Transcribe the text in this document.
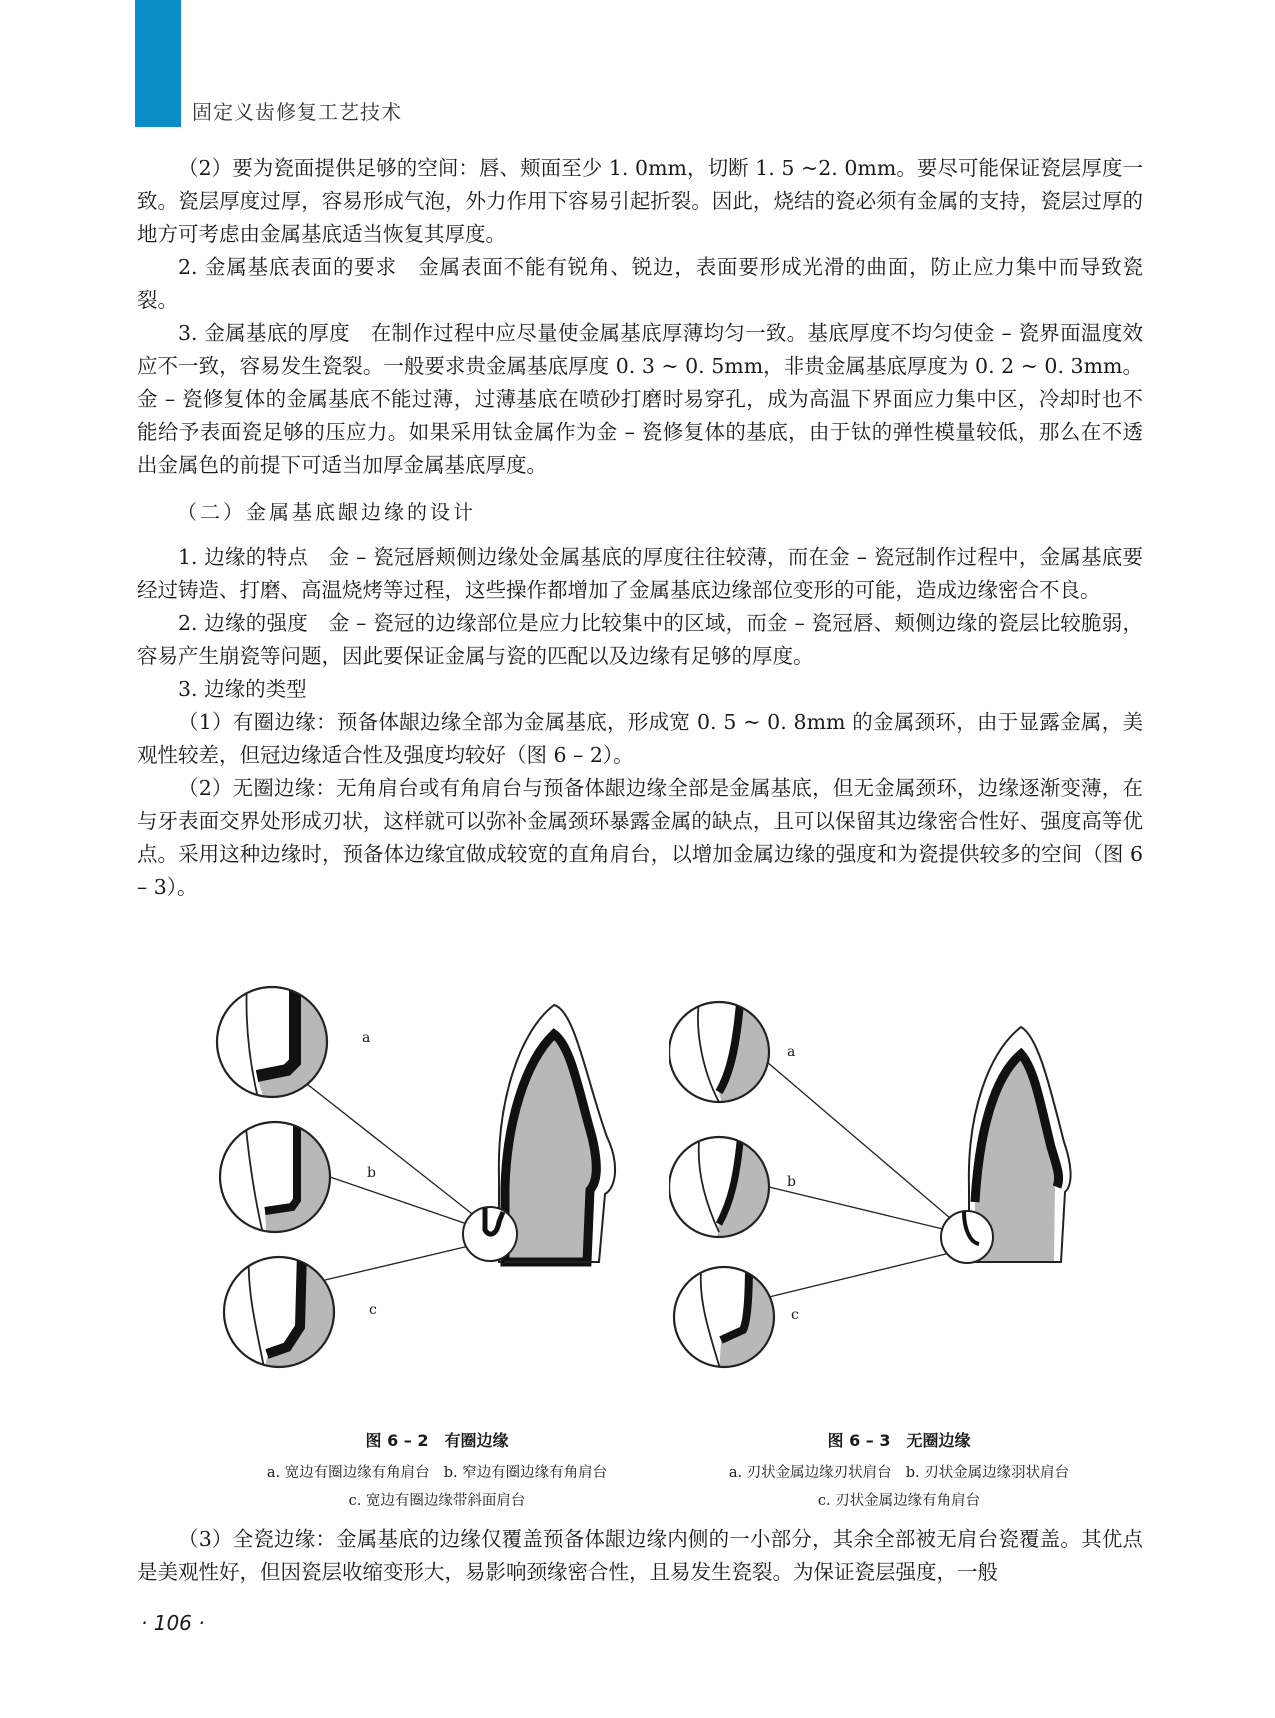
固定义齿修复工艺技术

（2）要为瓷面提供足够的空间：唇、颊面至少 1. 0mm，切断 1. 5 ~2. 0mm。要尽可能保证瓷层厚度一致。瓷层厚度过厚，容易形成气泡，外力作用下容易引起折裂。因此，烧结的瓷必须有金属的支持，瓷层过厚的地方可考虑由金属基底适当恢复其厚度。

2. 金属基底表面的要求　金属表面不能有锐角、锐边，表面要形成光滑的曲面，防止应力集中而导致瓷裂。

3. 金属基底的厚度　在制作过程中应尽量使金属基底厚薄均匀一致。基底厚度不均匀使金 – 瓷界面温度效应不一致，容易发生瓷裂。一般要求贵金属基底厚度 0. 3 ~ 0. 5mm，非贵金属基底厚度为 0. 2 ~ 0. 3mm。金 – 瓷修复体的金属基底不能过薄，过薄基底在喷砂打磨时易穿孔，成为高温下界面应力集中区，冷却时也不能给予表面瓷足够的压应力。如果采用钛金属作为金 – 瓷修复体的基底，由于钛的弹性模量较低，那么在不透出金属色的前提下可适当加厚金属基底厚度。

（二）金属基底龈边缘的设计

1. 边缘的特点　金 – 瓷冠唇颊侧边缘处金属基底的厚度往往较薄，而在金 – 瓷冠制作过程中，金属基底要经过铸造、打磨、高温烧烤等过程，这些操作都增加了金属基底边缘部位变形的可能，造成边缘密合不良。

2. 边缘的强度　金 – 瓷冠的边缘部位是应力比较集中的区域，而金 – 瓷冠唇、颊侧边缘的瓷层比较脆弱，容易产生崩瓷等问题，因此要保证金属与瓷的匹配以及边缘有足够的厚度。

3. 边缘的类型

（1）有圈边缘：预备体龈边缘全部为金属基底，形成宽 0. 5 ~ 0. 8mm 的金属颈环，由于显露金属，美观性较差，但冠边缘适合性及强度均较好（图 6 – 2）。

（2）无圈边缘：无角肩台或有角肩台与预备体龈边缘全部是金属基底，但无金属颈环，边缘逐渐变薄，在与牙表面交界处形成刃状，这样就可以弥补金属颈环暴露金属的缺点，且可以保留其边缘密合性好、强度高等优点。采用这种边缘时，预备体边缘宜做成较宽的直角肩台，以增加金属边缘的强度和为瓷提供较多的空间（图 6 – 3）。

a
b
c
图 6 – 2　有圈边缘
a. 宽边有圈边缘有角肩台 b. 窄边有圈边缘有角肩台
c. 宽边有圈边缘带斜面肩台
a
b
c
图 6 – 3　无圈边缘
a. 刃状金属边缘刃状肩台 b. 刃状金属边缘羽状肩台
c. 刃状金属边缘有角肩台

（3）全瓷边缘：金属基底的边缘仅覆盖预备体龈边缘内侧的一小部分，其余全部被无肩台瓷覆盖。其优点是美观性好，但因瓷层收缩变形大，易影响颈缘密合性，且易发生瓷裂。为保证瓷层强度，一般

· 106 ·
